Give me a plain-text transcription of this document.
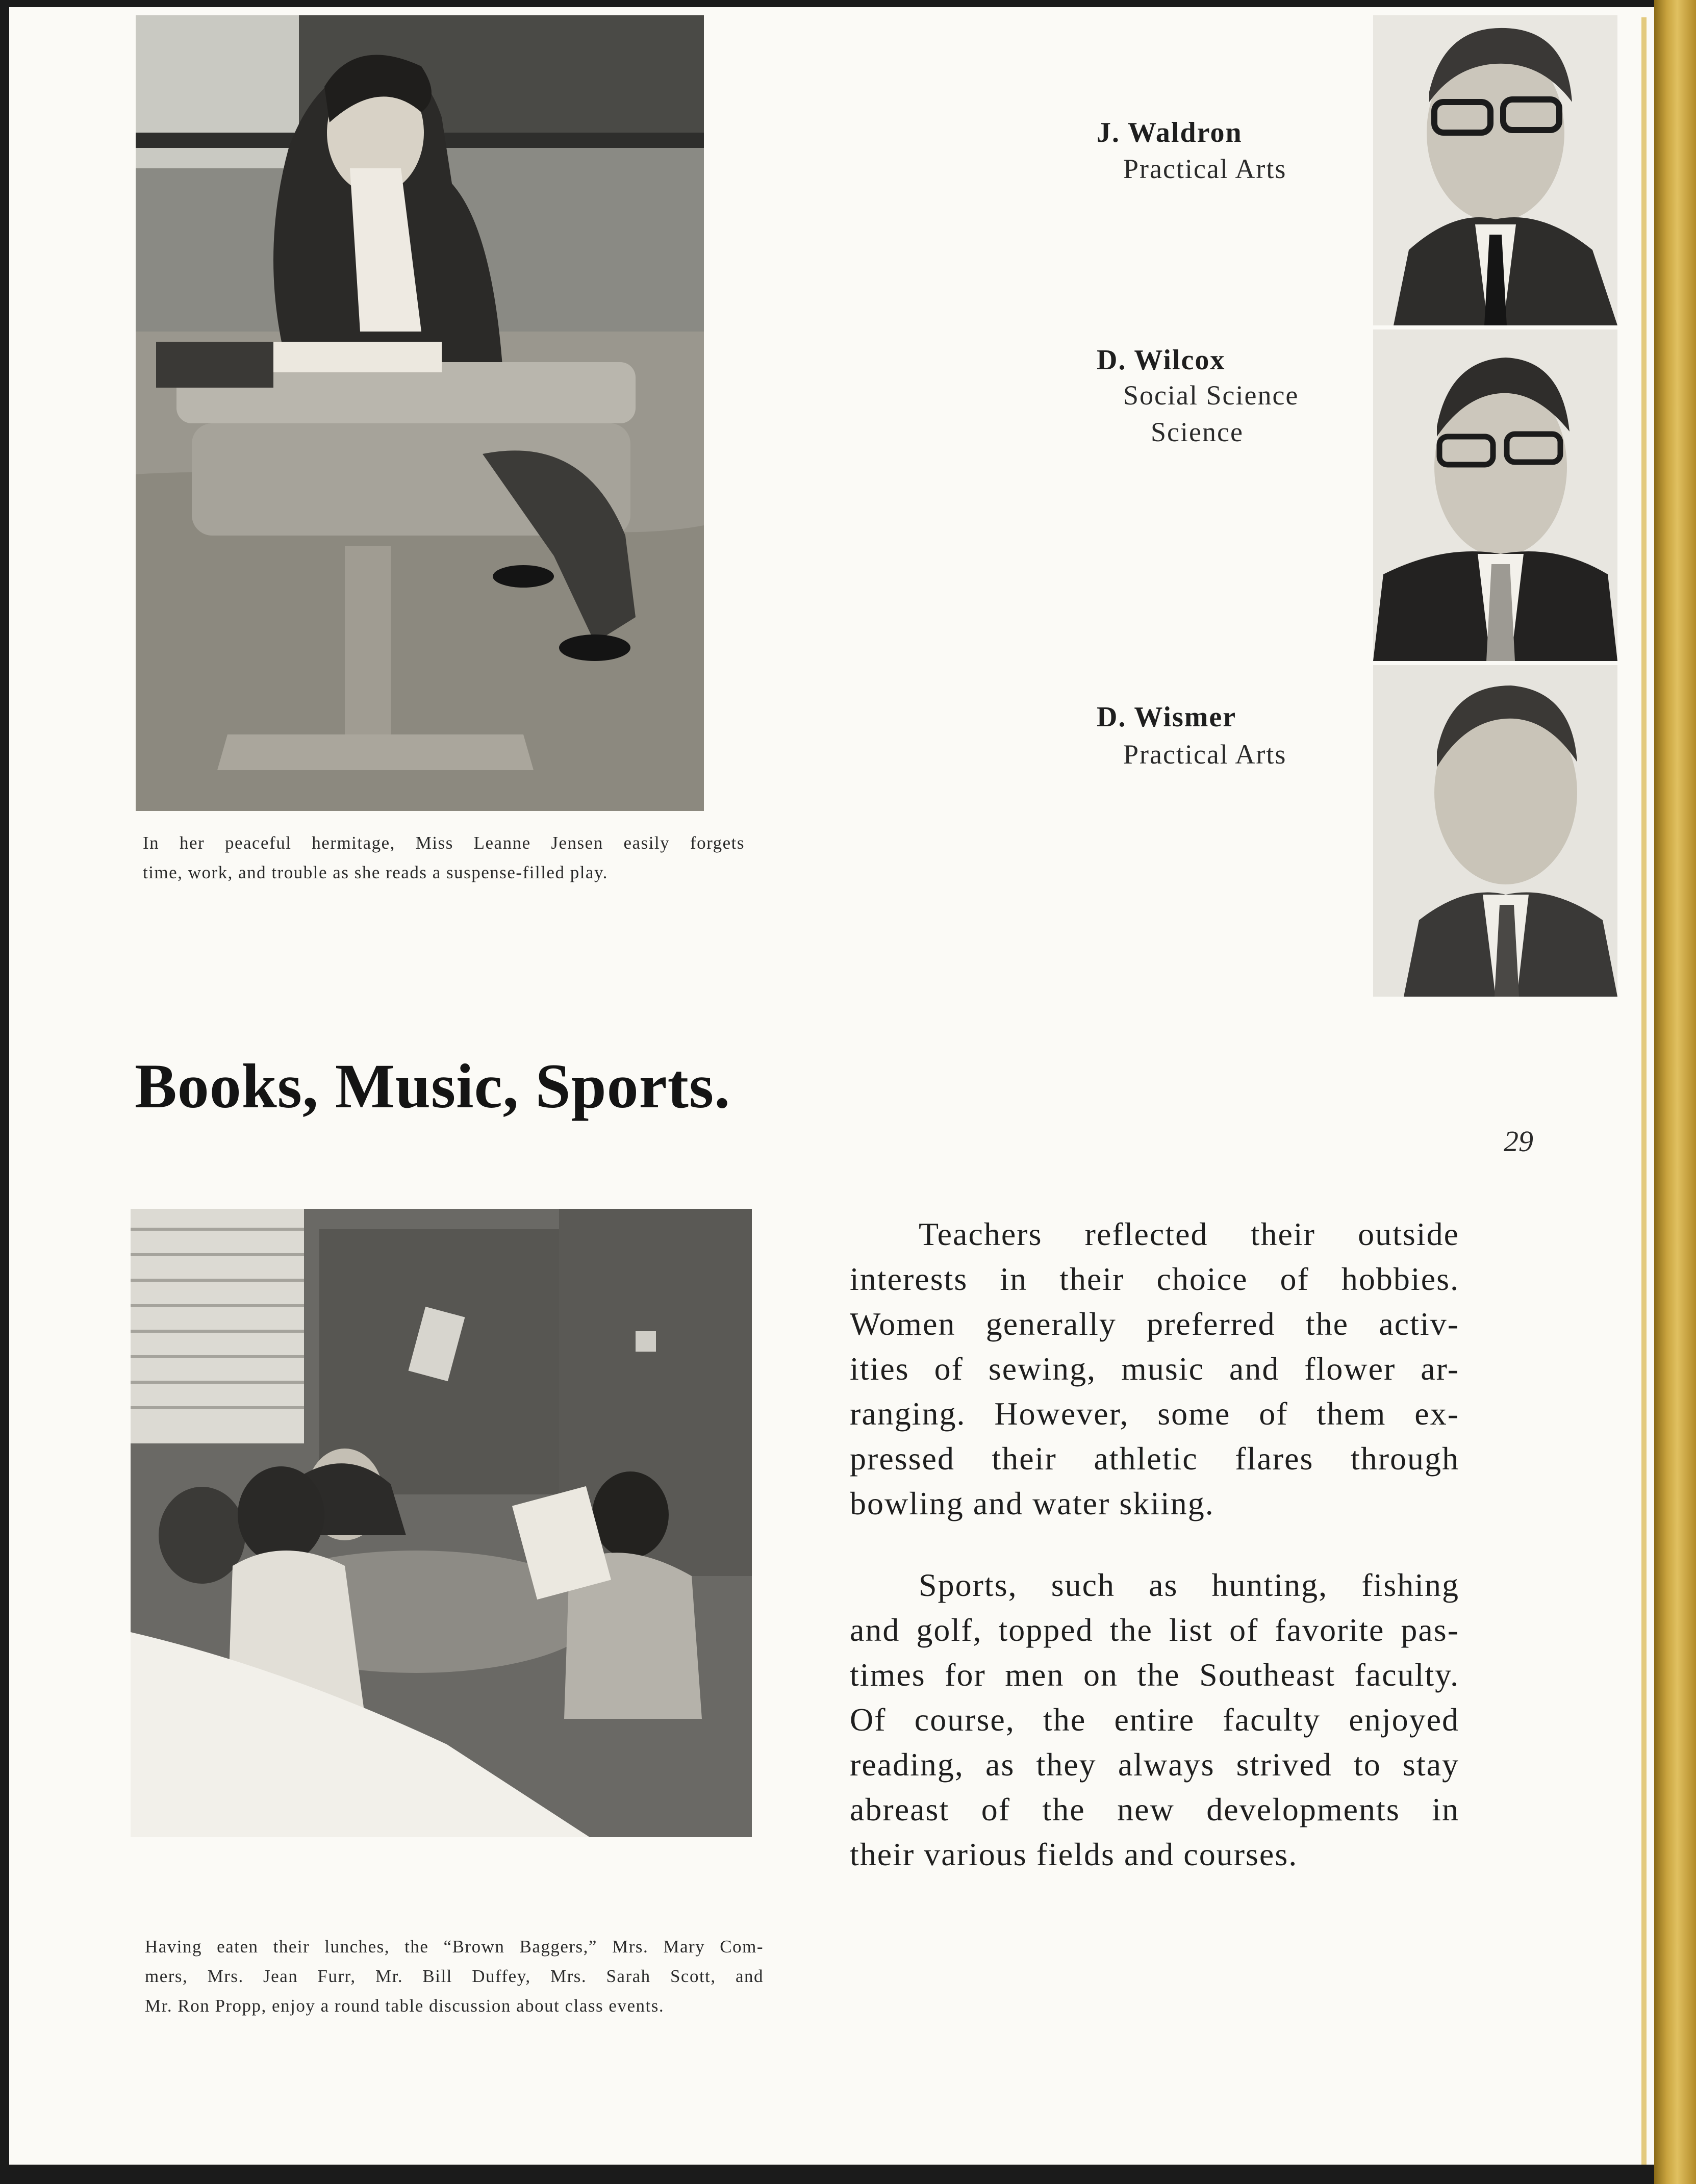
In her peaceful hermitage, Miss Leanne Jensen easily forgets
time, work, and trouble as she reads a suspense-filled play.

J. Waldron
Practical Arts
D. Wilcox
Social Science
Science
D. Wismer
Practical Arts
Books, Music, Sports.
29

Having eaten their lunches, the “Brown Baggers,” Mrs. Mary Com-
mers, Mrs. Jean Furr, Mr. Bill Duffey, Mrs. Sarah Scott, and
Mr. Ron Propp, enjoy a round table discussion about class events.

Teachers reflected their outside
interests in their choice of hobbies.
Women generally preferred the activ-
ities of sewing, music and flower ar-
ranging. However, some of them ex-
pressed their athletic flares through
bowling and water skiing.

Sports, such as hunting, fishing
and golf, topped the list of favorite pas-
times for men on the Southeast faculty.
Of course, the entire faculty enjoyed
reading, as they always strived to stay
abreast of the new developments in
their various fields and courses.
